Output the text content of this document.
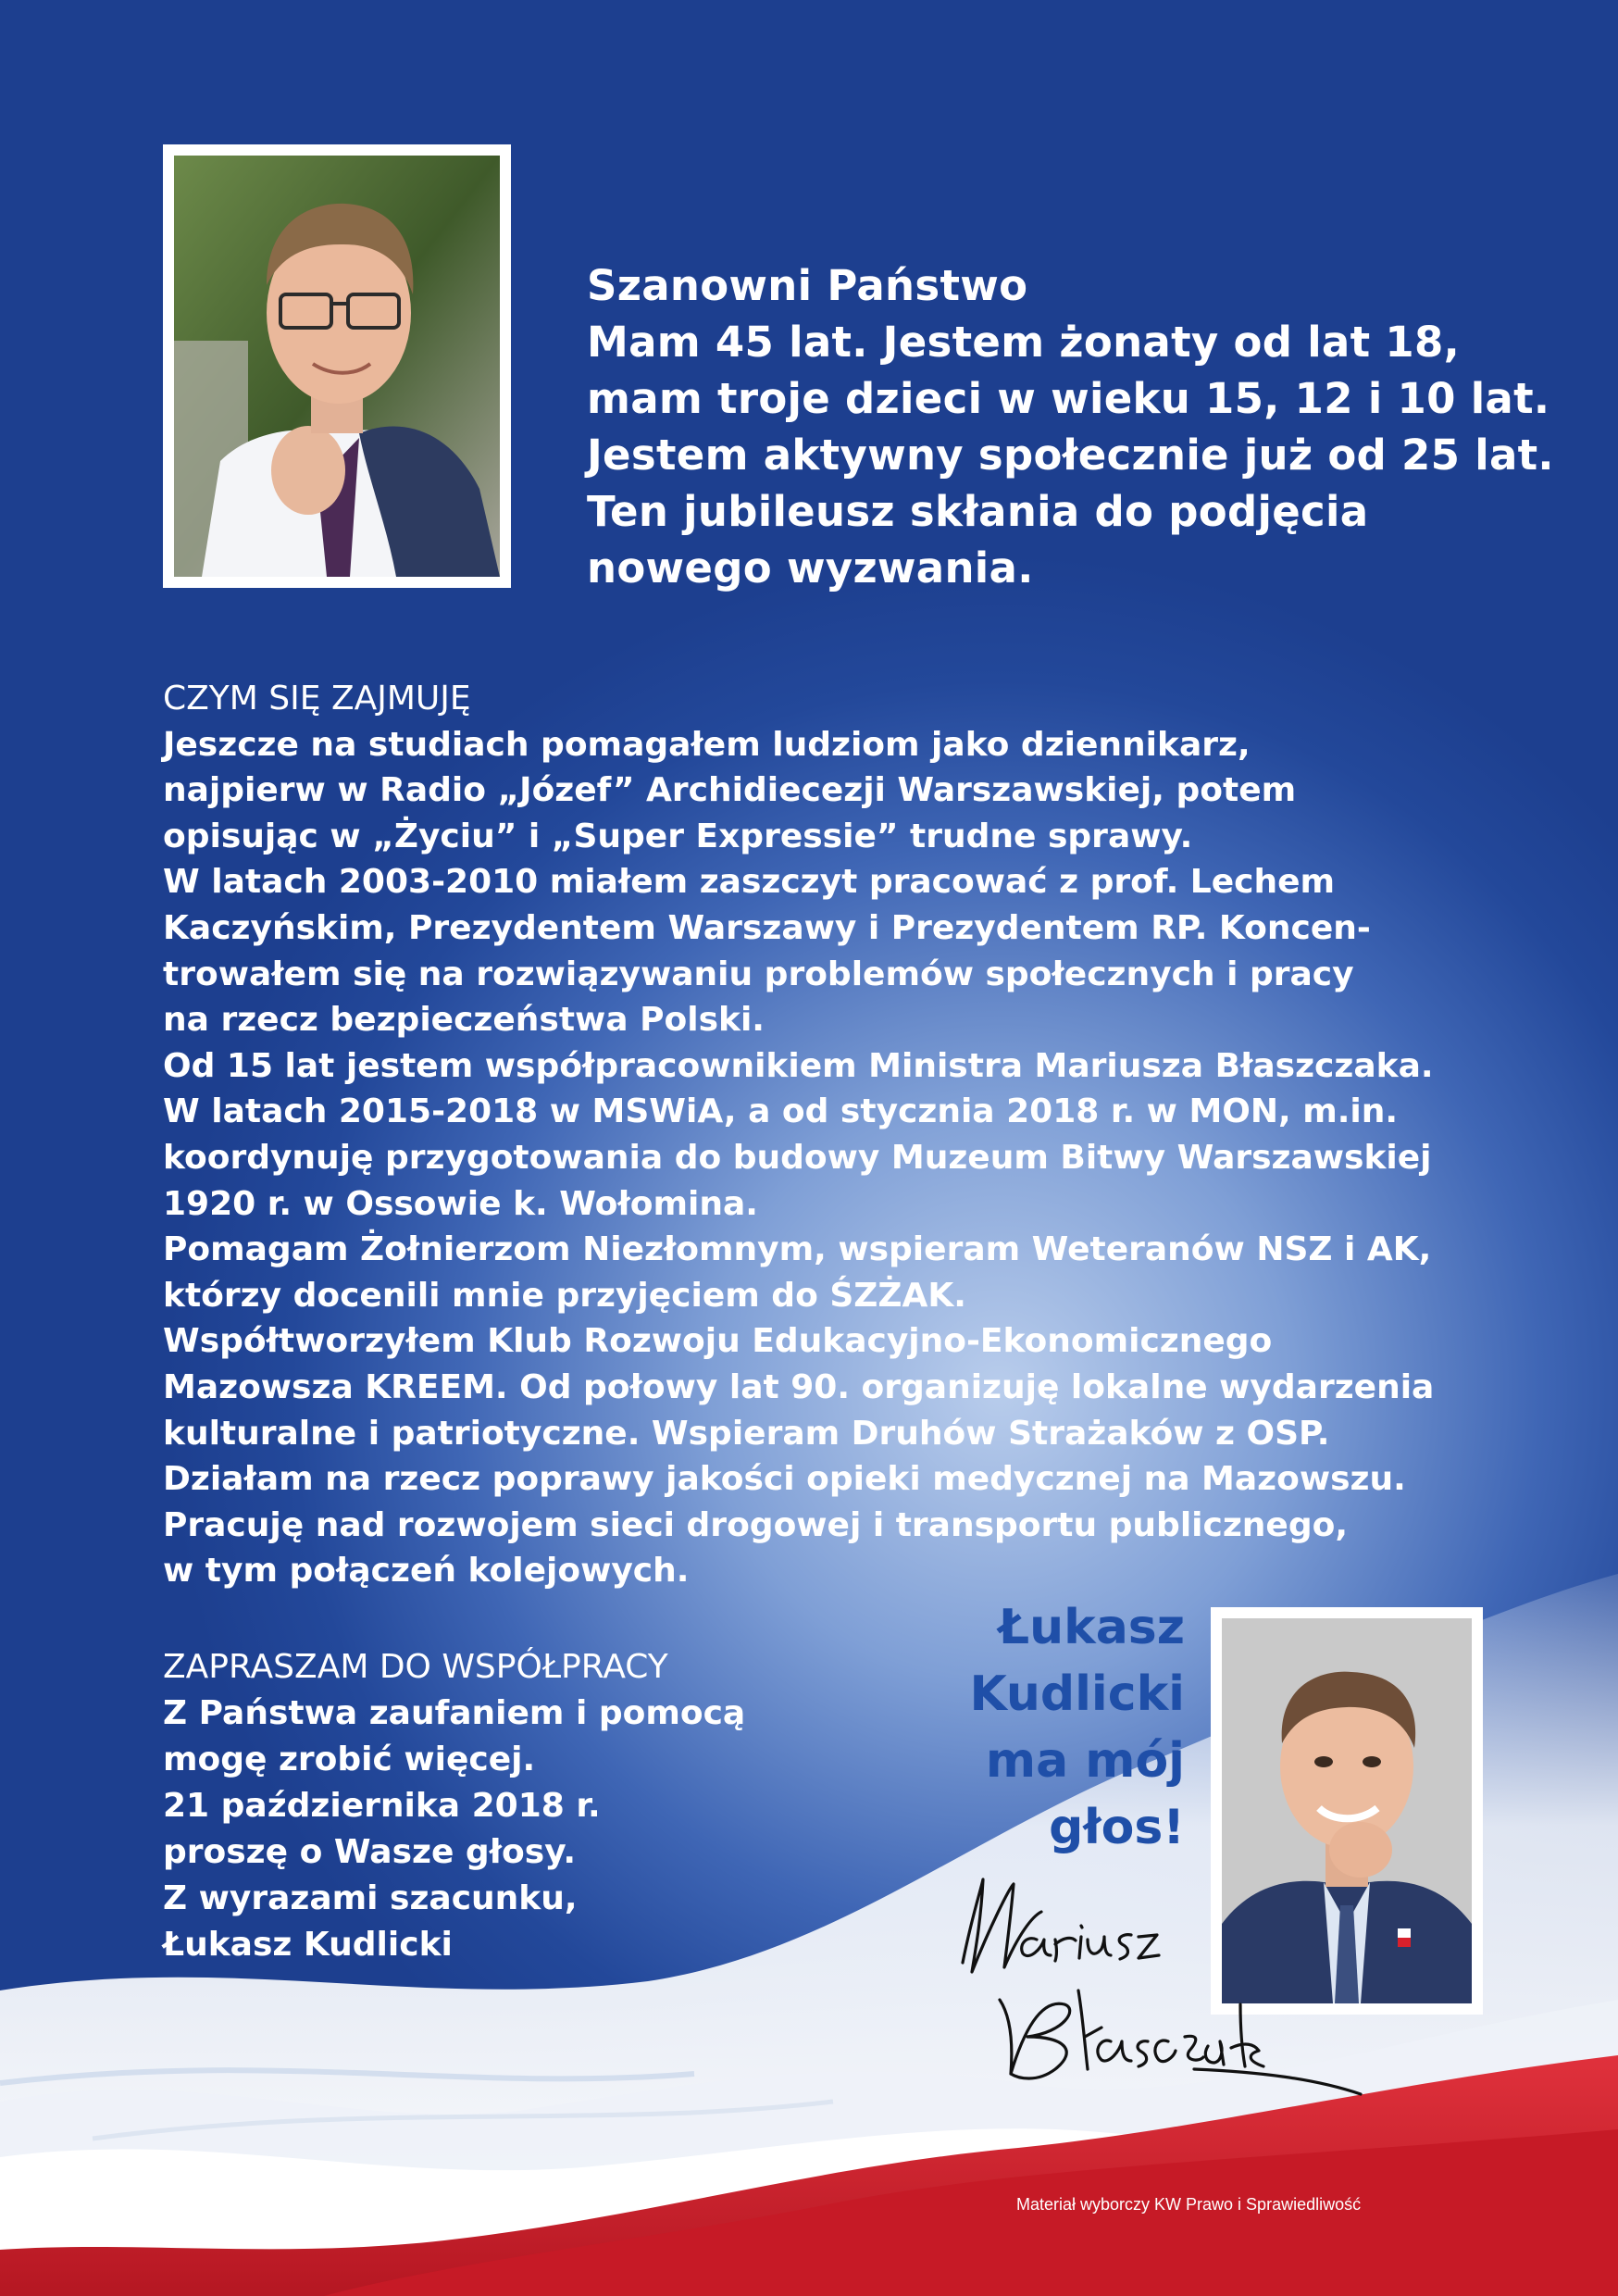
Szanowni Państwo
Mam 45 lat. Jestem żonaty od lat 18,
mam troje dzieci w wieku 15, 12 i 10 lat.
Jestem aktywny społecznie już od 25 lat.
Ten jubileusz skłania do podjęcia
nowego wyzwania.
CZYM SIĘ ZAJMUJĘ
Jeszcze na studiach pomagałem ludziom jako dziennikarz,
najpierw w Radio „Józef” Archidiecezji Warszawskiej, potem
opisując w „Życiu” i „Super Expressie” trudne sprawy.
W latach 2003-2010 miałem zaszczyt pracować z prof. Lechem
Kaczyńskim, Prezydentem Warszawy i Prezydentem RP. Koncen-
trowałem się na rozwiązywaniu problemów społecznych i pracy
na rzecz bezpieczeństwa Polski.
Od 15 lat jestem współpracownikiem Ministra Mariusza Błaszczaka.
W latach 2015-2018 w MSWiA, a od stycznia 2018 r. w MON, m.in.
koordynuję przygotowania do budowy Muzeum Bitwy Warszawskiej
1920 r. w Ossowie k. Wołomina.
Pomagam Żołnierzom Niezłomnym, wspieram Weteranów NSZ i AK,
którzy docenili mnie przyjęciem do ŚZŻAK.
Współtworzyłem Klub Rozwoju Edukacyjno-Ekonomicznego
Mazowsza KREEM. Od połowy lat 90. organizuję lokalne wydarzenia
kulturalne i patriotyczne. Wspieram Druhów Strażaków z OSP.
Działam na rzecz poprawy jakości opieki medycznej na Mazowszu.
Pracuję nad rozwojem sieci drogowej i transportu publicznego,
w tym połączeń kolejowych.
ZAPRASZAM DO WSPÓŁPRACY
Z Państwa zaufaniem i pomocą
mogę zrobić więcej.
21 października 2018 r.
proszę o Wasze głosy.
Z wyrazami szacunku,
Łukasz Kudlicki
Łukasz
Kudlicki
ma mój
głos!
Materiał wyborczy KW Prawo i Sprawiedliwość
